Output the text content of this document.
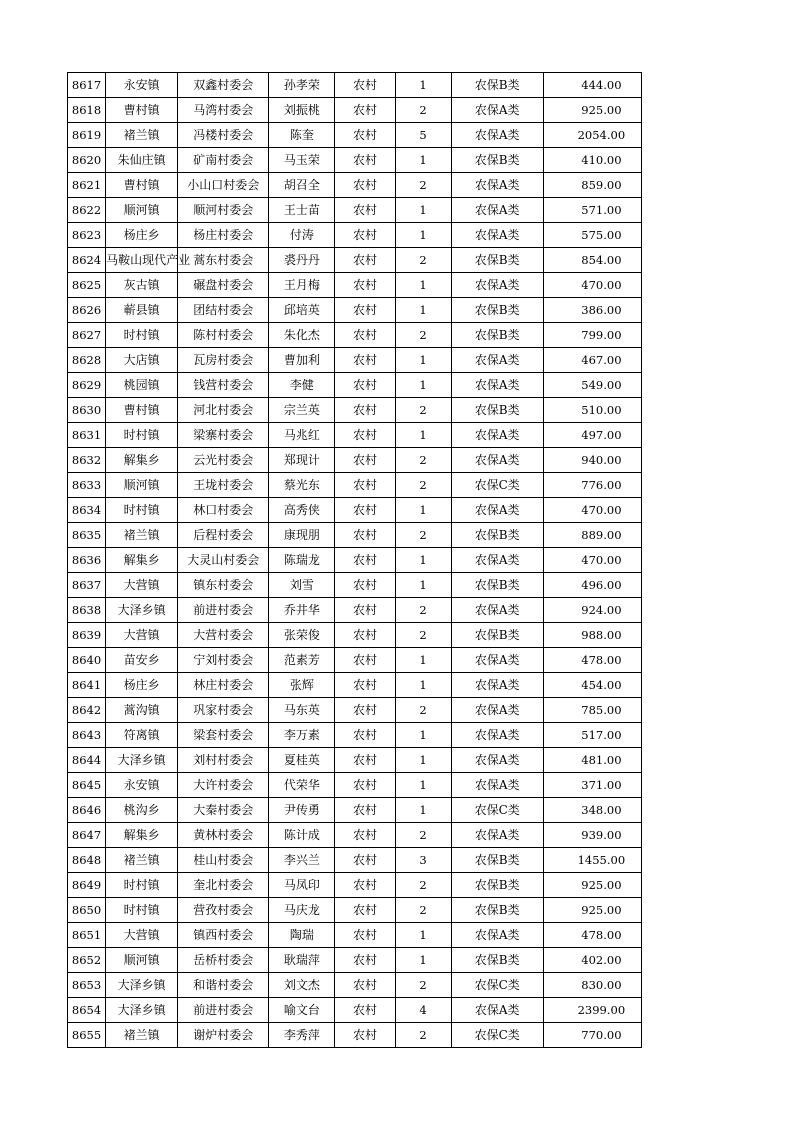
8617	永安镇	双鑫村委会	孙孝荣	农村	1	农保B类	444.00
8618	曹村镇	马湾村委会	刘振桃	农村	2	农保A类	925.00
8619	褚兰镇	冯楼村委会	陈奎	农村	5	农保A类	2054.00
8620	朱仙庄镇	矿南村委会	马玉荣	农村	1	农保B类	410.00
8621	曹村镇	小山口村委会	胡召全	农村	2	农保A类	859.00
8622	顺河镇	顺河村委会	王士苗	农村	1	农保A类	571.00
8623	杨庄乡	杨庄村委会	付涛	农村	1	农保A类	575.00
8624	马鞍山现代产业	蒿东村委会	裘丹丹	农村	2	农保B类	854.00
8625	灰古镇	碾盘村委会	王月梅	农村	1	农保A类	470.00
8626	蕲县镇	团结村委会	邱培英	农村	1	农保B类	386.00
8627	时村镇	陈村村委会	朱化杰	农村	2	农保B类	799.00
8628	大店镇	瓦房村委会	曹加利	农村	1	农保A类	467.00
8629	桃园镇	钱营村委会	李健	农村	1	农保A类	549.00
8630	曹村镇	河北村委会	宗兰英	农村	2	农保B类	510.00
8631	时村镇	梁寨村委会	马兆红	农村	1	农保A类	497.00
8632	解集乡	云光村委会	郑现计	农村	2	农保A类	940.00
8633	顺河镇	王垅村委会	蔡光东	农村	2	农保C类	776.00
8634	时村镇	林口村委会	高秀侠	农村	1	农保A类	470.00
8635	褚兰镇	后程村委会	康现朋	农村	2	农保B类	889.00
8636	解集乡	大灵山村委会	陈瑞龙	农村	1	农保A类	470.00
8637	大营镇	镇东村委会	刘雪	农村	1	农保B类	496.00
8638	大泽乡镇	前进村委会	乔井华	农村	2	农保A类	924.00
8639	大营镇	大营村委会	张荣俊	农村	2	农保B类	988.00
8640	苗安乡	宁刘村委会	范素芳	农村	1	农保A类	478.00
8641	杨庄乡	林庄村委会	张辉	农村	1	农保A类	454.00
8642	蒿沟镇	巩家村委会	马东英	农村	2	农保A类	785.00
8643	符离镇	梁套村委会	李万素	农村	1	农保A类	517.00
8644	大泽乡镇	刘村村委会	夏桂英	农村	1	农保A类	481.00
8645	永安镇	大许村委会	代荣华	农村	1	农保A类	371.00
8646	桃沟乡	大秦村委会	尹传勇	农村	1	农保C类	348.00
8647	解集乡	黄林村委会	陈计成	农村	2	农保A类	939.00
8648	褚兰镇	桂山村委会	李兴兰	农村	3	农保B类	1455.00
8649	时村镇	奎北村委会	马凤印	农村	2	农保B类	925.00
8650	时村镇	营孜村委会	马庆龙	农村	2	农保B类	925.00
8651	大营镇	镇西村委会	陶瑞	农村	1	农保A类	478.00
8652	顺河镇	岳桥村委会	耿瑞萍	农村	1	农保B类	402.00
8653	大泽乡镇	和谐村委会	刘文杰	农村	2	农保C类	830.00
8654	大泽乡镇	前进村委会	喻文台	农村	4	农保A类	2399.00
8655	褚兰镇	谢炉村委会	李秀萍	农村	2	农保C类	770.00
